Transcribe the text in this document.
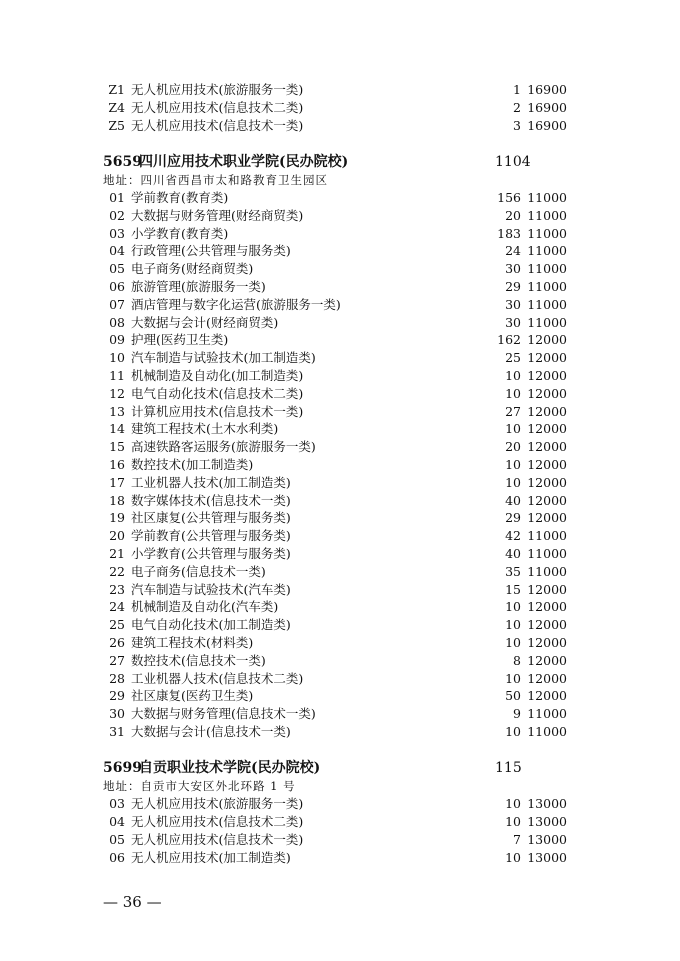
Z1 无人机应用技术(旅游服务一类)	1 16900
Z4 无人机应用技术(信息技术二类)	2 16900
Z5 无人机应用技术(信息技术一类)	3 16900
5659
四川应用技术职业学院(民办院校)	1104
地址：四川省西昌市太和路教育卫生园区
01 学前教育(教育类)	156 11000
02 大数据与财务管理(财经商贸类)	20 11000
03 小学教育(教育类)	183 11000
04 行政管理(公共管理与服务类)	24 11000
05 电子商务(财经商贸类)	30 11000
06 旅游管理(旅游服务一类)	29 11000
07 酒店管理与数字化运营(旅游服务一类)	30 11000
08 大数据与会计(财经商贸类)	30 11000
09 护理(医药卫生类)	162 12000
10 汽车制造与试验技术(加工制造类)	25 12000
11 机械制造及自动化(加工制造类)	10 12000
12 电气自动化技术(信息技术二类)	10 12000
13 计算机应用技术(信息技术一类)	27 12000
14 建筑工程技术(土木水利类)	10 12000
15 高速铁路客运服务(旅游服务一类)	20 12000
16 数控技术(加工制造类)	10 12000
17 工业机器人技术(加工制造类)	10 12000
18 数字媒体技术(信息技术一类)	40 12000
19 社区康复(公共管理与服务类)	29 12000
20 学前教育(公共管理与服务类)	42 11000
21 小学教育(公共管理与服务类)	40 11000
22 电子商务(信息技术一类)	35 11000
23 汽车制造与试验技术(汽车类)	15 12000
24 机械制造及自动化(汽车类)	10 12000
25 电气自动化技术(加工制造类)	10 12000
26 建筑工程技术(材料类)	10 12000
27 数控技术(信息技术一类)	8 12000
28 工业机器人技术(信息技术二类)	10 12000
29 社区康复(医药卫生类)	50 12000
30 大数据与财务管理(信息技术一类)	9 11000
31 大数据与会计(信息技术一类)	10 11000
5699
自贡职业技术学院(民办院校)	115
地址：自贡市大安区外北环路 1 号
03 无人机应用技术(旅游服务一类)	10 13000
04 无人机应用技术(信息技术二类)	10 13000
05 无人机应用技术(信息技术一类)	7 13000
06 无人机应用技术(加工制造类)	10 13000
— 36 —
